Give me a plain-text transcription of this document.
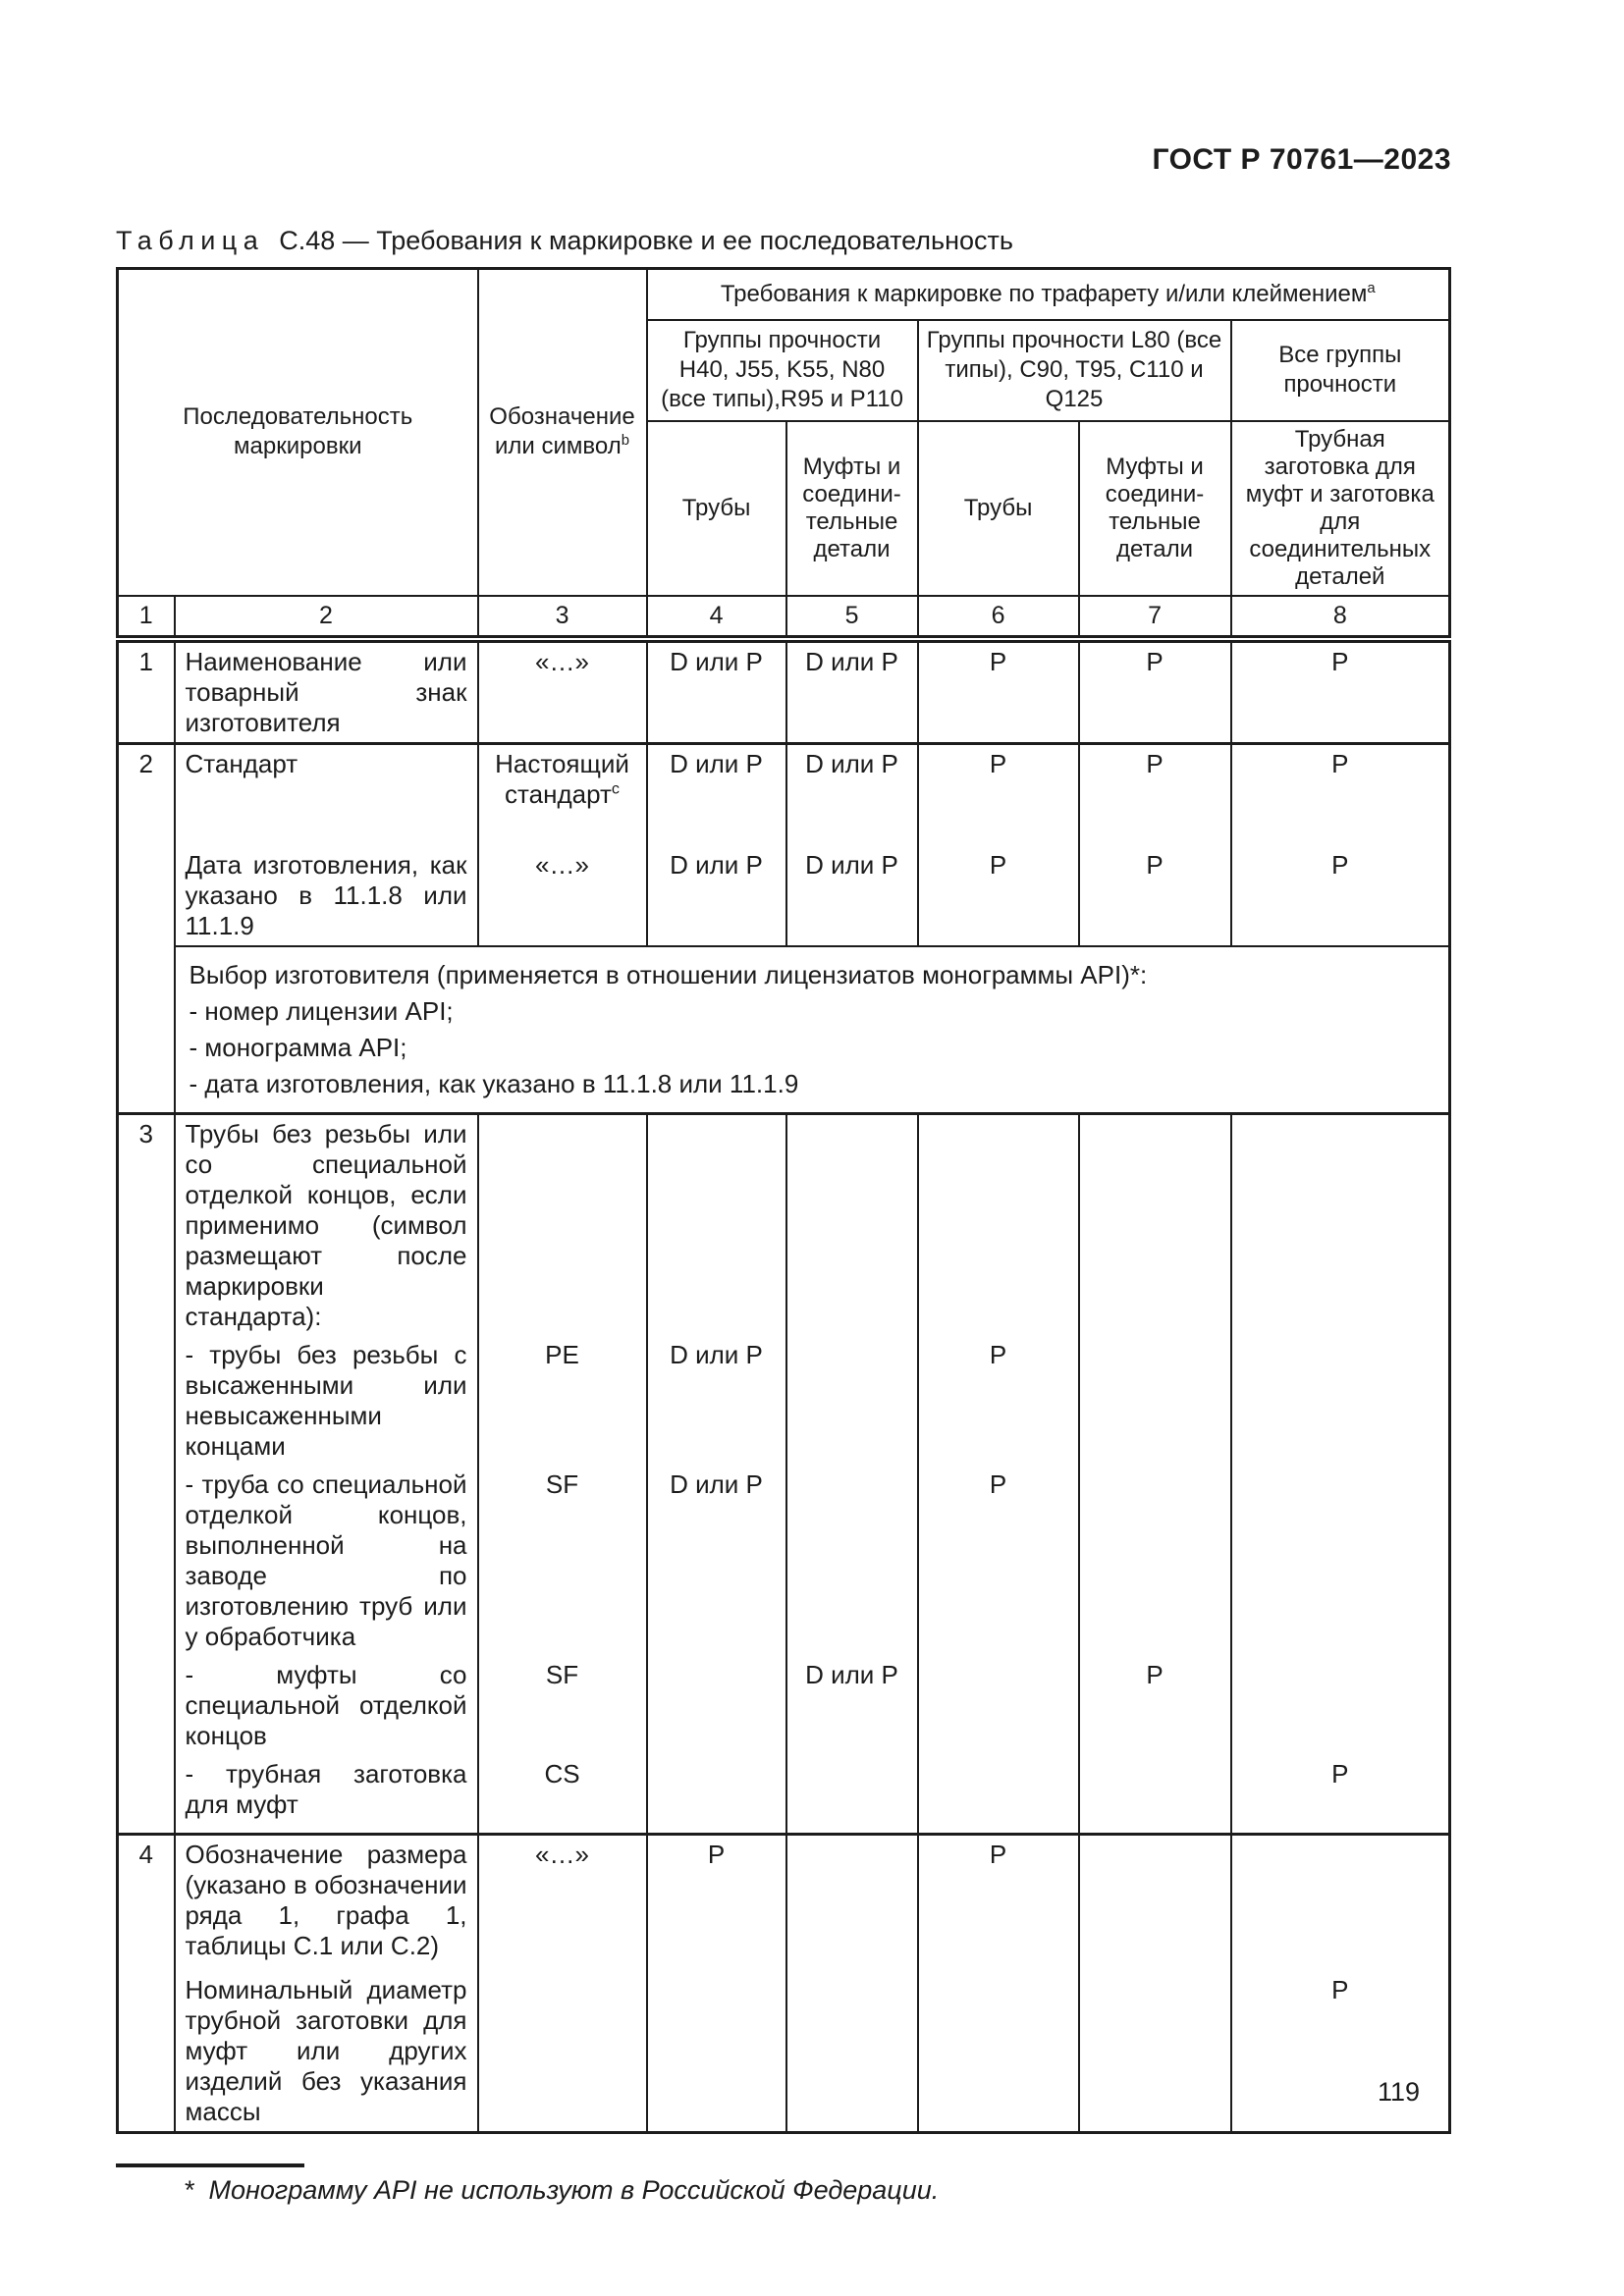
ГОСТ Р 70761—2023
Таблица С.48 — Требования к маркировке и ее последовательность
Последовательность маркировки		Обозначение или символ$^b$	Требования к маркировке по трафарету и/или клеймением$^a$
			Группы прочности H40, J55, K55, N80 (все типы),R95 и P110		Группы прочности L80 (все типы), C90, T95, C110 и Q125		Все группы прочности
			Трубы	Муфты и соедини-тельные детали	Трубы	Муфты и соедини-тельные детали	Трубная заготовка для муфт и заготовка для соединительных деталей
1	2	3	4	5	6	7	8
1	Наименование или товарный знак изготовителя	«…»	D или Р	D или Р	Р	Р	Р
2	Стандарт	Настоящий стандарт$^с$	D или Р	D или Р	Р	Р	Р
	Дата изготовления, как указано в 11.1.8 или 11.1.9	«…»	D или Р	D или Р	Р	Р	Р

	Выбор изготовителя (применяется в отношении лицензиатов монограммы API)*:
- номер лицензии API;
- монограмма API;
- дата изготовления, как указано в 11.1.8 или 11.1.9						

3	Трубы без резьбы или со специальной отделкой концов, если применимо (символ размещают после маркировки стандарта):						
	- трубы без резьбы с высаженными или невысаженными концами	PE	D или Р		Р		
	- труба со специальной отделкой концов, выполненной на заводе по изготовлению труб или у обработчика	SF	D или Р		Р		
	- муфты со специальной отделкой концов	SF		D или Р		Р	
	- трубная заготовка для муфт	CS					Р
4	Обозначение размера (указано в обозначении ряда 1, графа 1, таблицы С.1 или С.2)	«…»	Р		Р		
	Номинальный диаметр трубной заготовки для муфт или других изделий без указания массы						Р
* Монограмму API не используют в Российской Федерации.
119
